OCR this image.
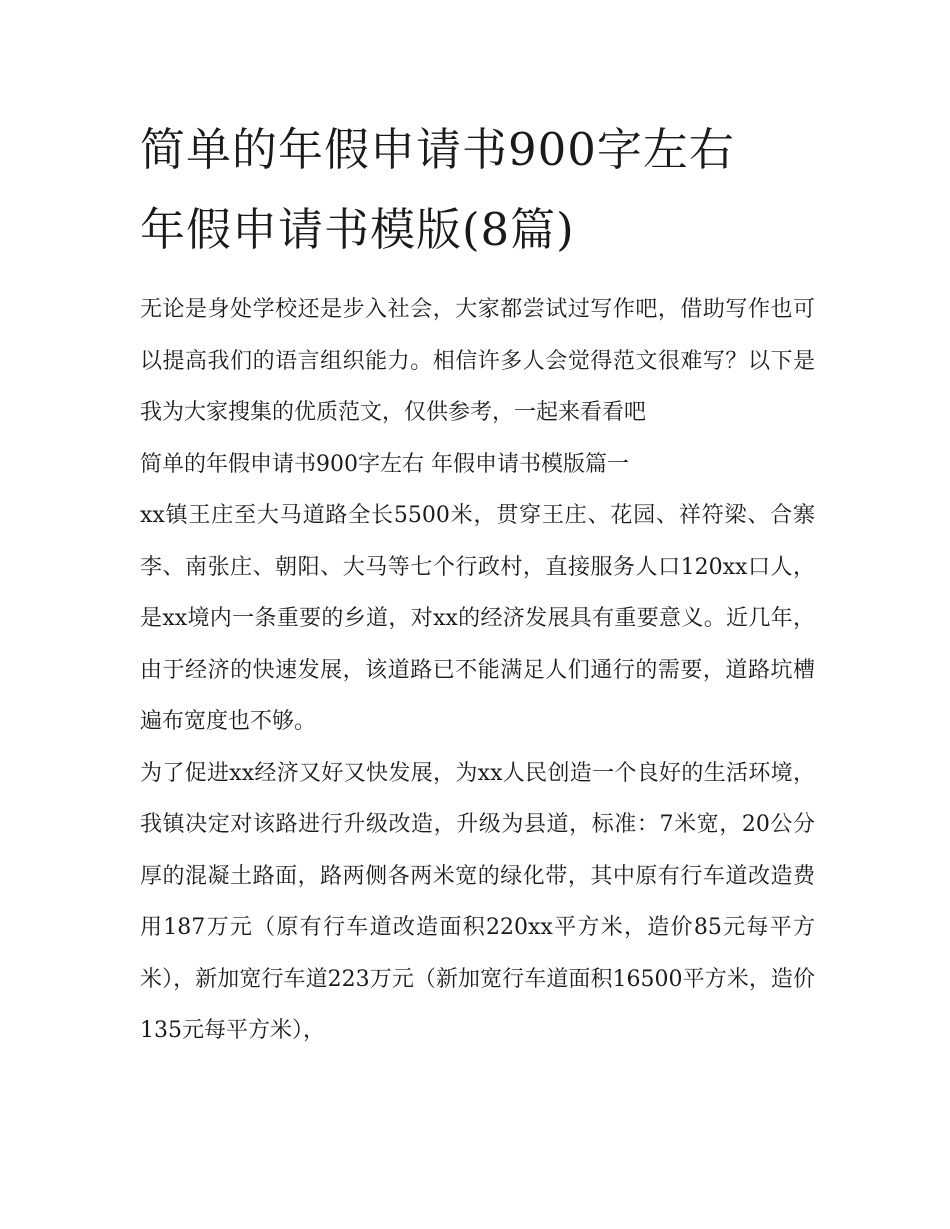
简单的年假申请书900字左右
年假申请书模版(8篇)

无论是身处学校还是步入社会，大家都尝试过写作吧，借助写作也可以提高我们的语言组织能力。相信许多人会觉得范文很难写？以下是我为大家搜集的优质范文，仅供参考，一起来看看吧

简单的年假申请书900字左右 年假申请书模版篇一

xx镇王庄至大马道路全长5500米，贯穿王庄、花园、祥符梁、合寨李、南张庄、朝阳、大马等七个行政村，直接服务人口120xx口人，是xx境内一条重要的乡道，对xx的经济发展具有重要意义。近几年，由于经济的快速发展，该道路已不能满足人们通行的需要，道路坑槽遍布宽度也不够。

为了促进xx经济又好又快发展，为xx人民创造一个良好的生活环境，我镇决定对该路进行升级改造，升级为县道，标准：7米宽，20公分厚的混凝土路面，路两侧各两米宽的绿化带，其中原有行车道改造费用187万元（原有行车道改造面积220xx平方米，造价85元每平方米），新加宽行车道223万元（新加宽行车道面积16500平方米，造价135元每平方米），
